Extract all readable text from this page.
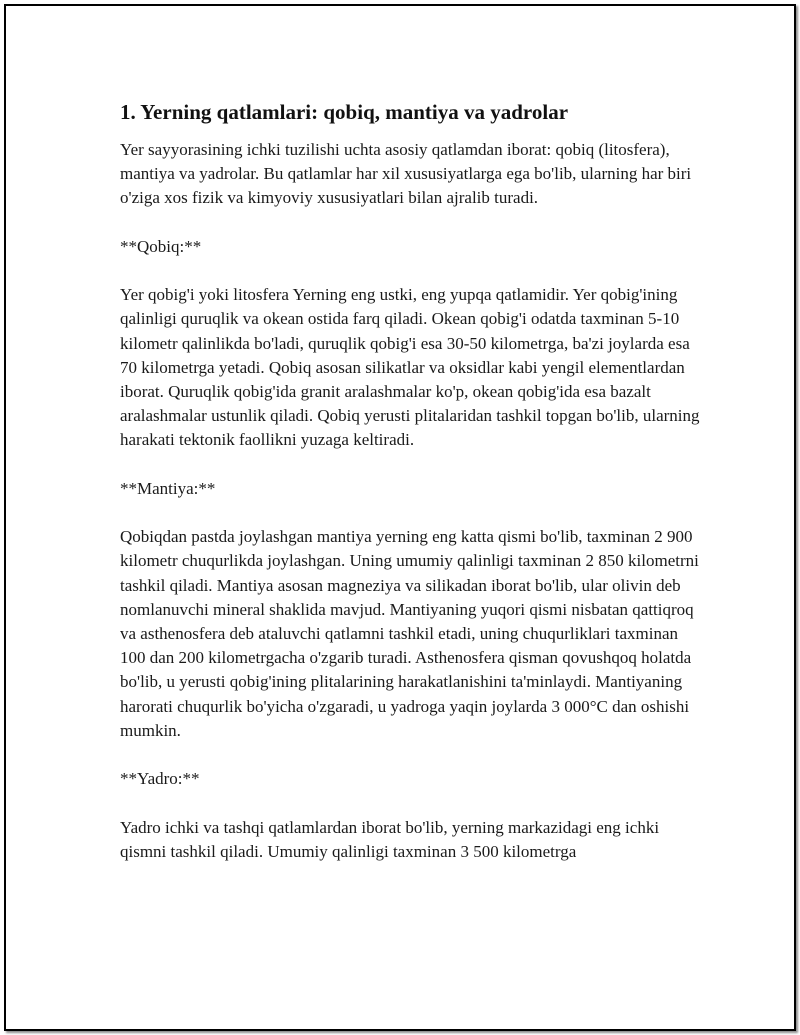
1. Yerning qatlamlari: qobiq, mantiya va yadrolar

Yer sayyorasining ichki tuzilishi uchta asosiy qatlamdan iborat: qobiq (litosfera), mantiya va yadrolar. Bu qatlamlar har xil xususiyatlarga ega bo'lib, ularning har biri o'ziga xos fizik va kimyoviy xususiyatlari bilan ajralib turadi.

**Qobiq:**

Yer qobig'i yoki litosfera Yerning eng ustki, eng yupqa qatlamidir. Yer qobig'ining qalinligi quruqlik va okean ostida farq qiladi. Okean qobig'i odatda taxminan 5-10 kilometr qalinlikda bo'ladi, quruqlik qobig'i esa 30-50 kilometrga, ba'zi joylarda esa 70 kilometrga yetadi. Qobiq asosan silikatlar va oksidlar kabi yengil elementlardan iborat. Quruqlik qobig'ida granit aralashmalar ko'p, okean qobig'ida esa bazalt aralashmalar ustunlik qiladi. Qobiq yerusti plitalaridan tashkil topgan bo'lib, ularning harakati tektonik faollikni yuzaga keltiradi.

**Mantiya:**

Qobiqdan pastda joylashgan mantiya yerning eng katta qismi bo'lib, taxminan 2 900 kilometr chuqurlikda joylashgan. Uning umumiy qalinligi taxminan 2 850 kilometrni tashkil qiladi. Mantiya asosan magneziya va silikadan iborat bo'lib, ular olivin deb nomlanuvchi mineral shaklida mavjud. Mantiyaning yuqori qismi nisbatan qattiqroq va asthenosfera deb ataluvchi qatlamni tashkil etadi, uning chuqurliklari taxminan 100 dan 200 kilometrgacha o'zgarib turadi. Asthenosfera qisman qovushqoq holatda bo'lib, u yerusti qobig'ining plitalarining harakatlanishini ta'minlaydi. Mantiyaning harorati chuqurlik bo'yicha o'zgaradi, u yadroga yaqin joylarda 3 000°C dan oshishi mumkin.

**Yadro:**

Yadro ichki va tashqi qatlamlardan iborat bo'lib, yerning markazidagi eng ichki qismni tashkil qiladi. Umumiy qalinligi taxminan 3 500 kilometrga
